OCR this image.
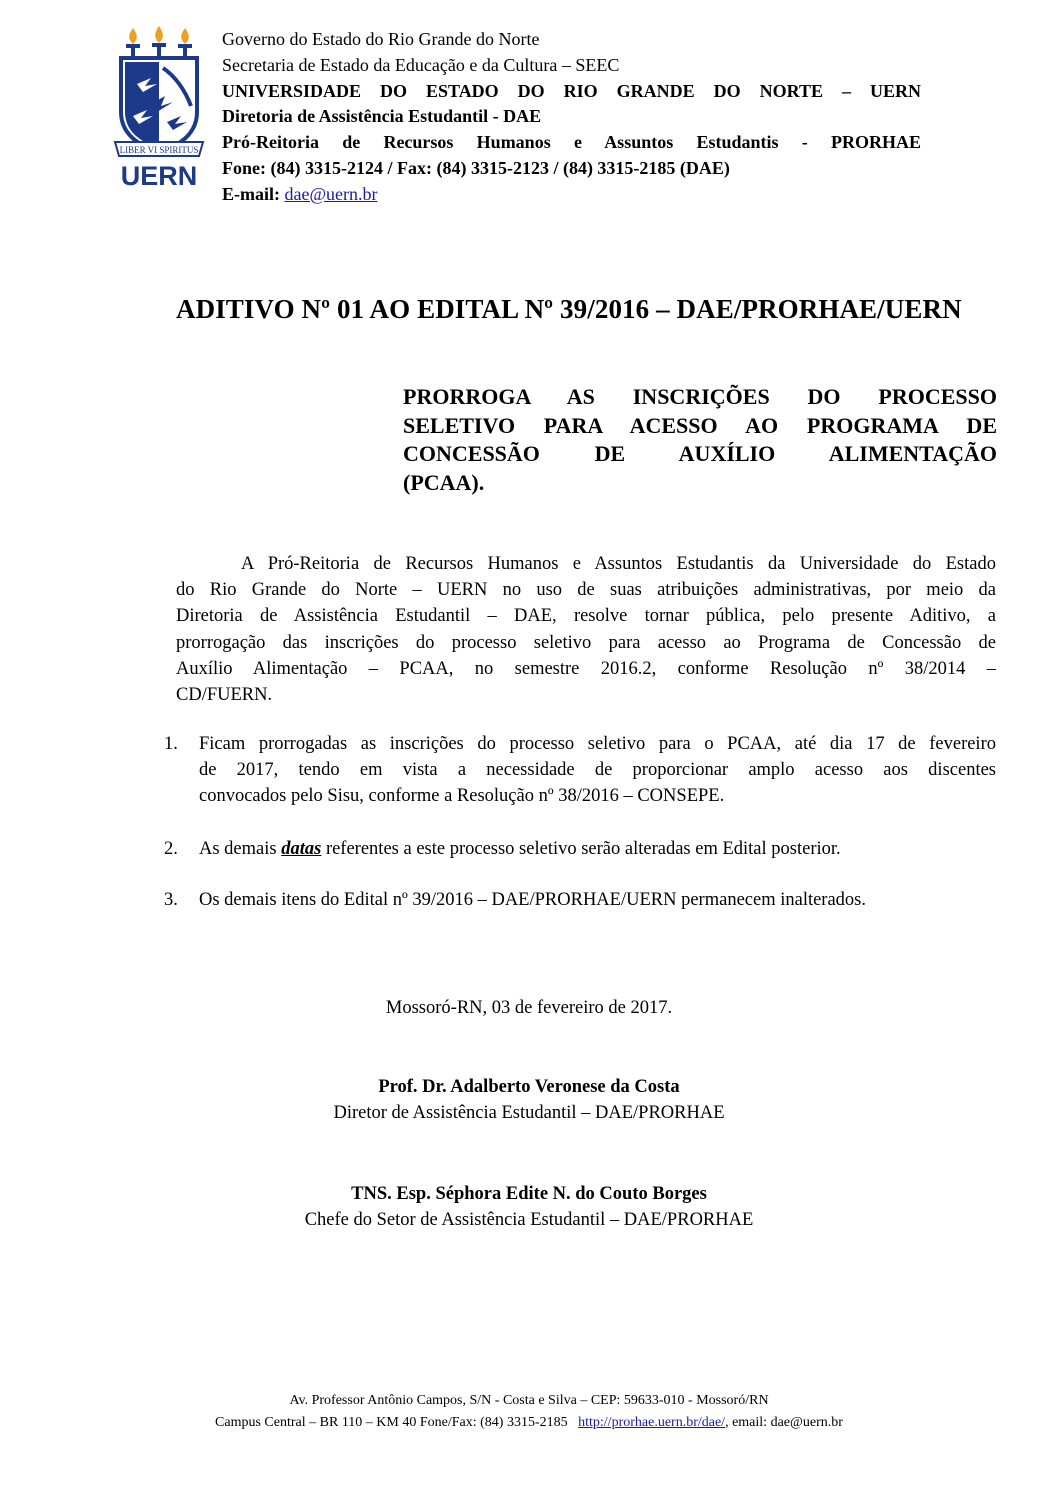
LIBER VI SPIRITUS
UERN
Governo do Estado do Rio Grande do Norte
Secretaria de Estado da Educação e da Cultura – SEEC
UNIVERSIDADE DO ESTADO DO RIO GRANDE DO NORTE – UERN
Diretoria de Assistência Estudantil - DAE
Pró-Reitoria de Recursos Humanos e Assuntos Estudantis - PRORHAE
Fone: (84) 3315-2124 / Fax: (84) 3315-2123 / (84) 3315-2185 (DAE)
E-mail: dae@uern.br
ADITIVO Nº 01 AO EDITAL Nº 39/2016 – DAE/PRORHAE/UERN
PRORROGA AS INSCRIÇÕES DO PROCESSO
SELETIVO PARA ACESSO AO PROGRAMA DE
CONCESSÃO DE AUXÍLIO ALIMENTAÇÃO
(PCAA).
A Pró-Reitoria de Recursos Humanos e Assuntos Estudantis da Universidade do Estado
do Rio Grande do Norte – UERN no uso de suas atribuições administrativas, por meio da
Diretoria de Assistência Estudantil – DAE, resolve tornar pública, pelo presente Aditivo, a
prorrogação das inscrições do processo seletivo para acesso ao Programa de Concessão de
Auxílio Alimentação – PCAA, no semestre 2016.2, conforme Resolução nº 38/2014 –
CD/FUERN.
1. Ficam prorrogadas as inscrições do processo seletivo para o PCAA, até dia 17 de fevereiro
de 2017, tendo em vista a necessidade de proporcionar amplo acesso aos discentes
convocados pelo Sisu, conforme a Resolução nº 38/2016 – CONSEPE.
2. As demais datas referentes a este processo seletivo serão alteradas em Edital posterior.
3. Os demais itens do Edital nº 39/2016 – DAE/PRORHAE/UERN permanecem inalterados.
Mossoró-RN, 03 de fevereiro de 2017.
Prof. Dr. Adalberto Veronese da Costa
Diretor de Assistência Estudantil – DAE/PRORHAE
TNS. Esp. Séphora Edite N. do Couto Borges
Chefe do Setor de Assistência Estudantil – DAE/PRORHAE
Av. Professor Antônio Campos, S/N - Costa e Silva – CEP: 59633-010 - Mossoró/RN
Campus Central – BR 110 – KM 40 Fone/Fax: (84) 3315-2185 http://prorhae.uern.br/dae/, email: dae@uern.br
